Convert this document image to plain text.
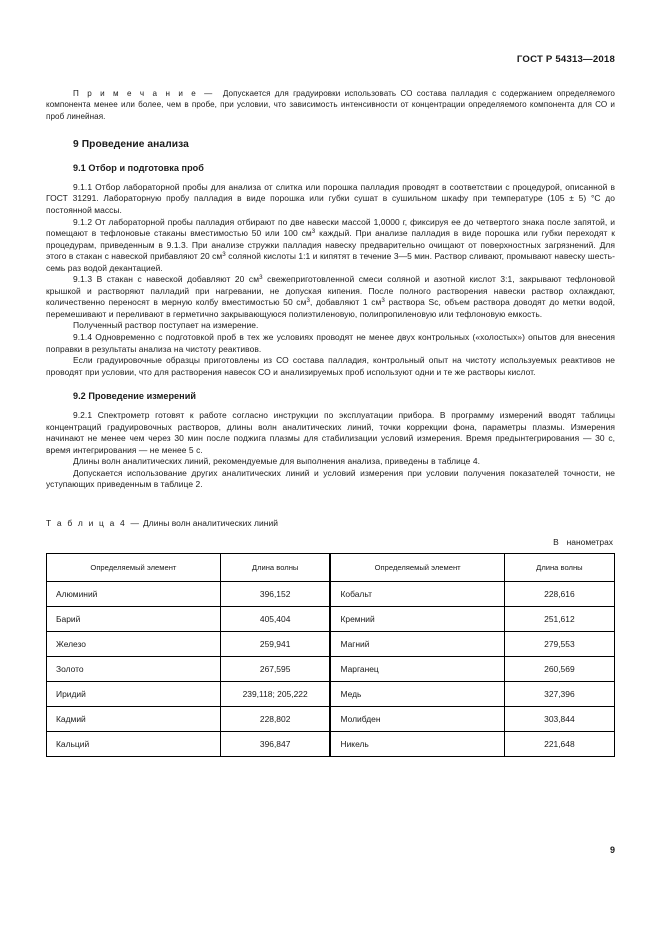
ГОСТ Р 54313—2018

П р и м е ч а н и е — Допускается для градуировки использовать СО состава палладия с содержанием определяемого компонента менее или более, чем в пробе, при условии, что зависимость интенсивности от концентрации определяемого компонента для СО и проб линейная.

9 Проведение анализа
9.1 Отбор и подготовка проб

9.1.1 Отбор лабораторной пробы для анализа от слитка или порошка палладия проводят в соответствии с процедурой, описанной в ГОСТ 31291. Лабораторную пробу палладия в виде порошка или губки сушат в сушильном шкафу при температуре (105 ± 5) °С до постоянной массы.

9.1.2 От лабораторной пробы палладия отбирают по две навески массой 1,0000 г, фиксируя ее до четвертого знака после запятой, и помещают в тефлоновые стаканы вместимостью 50 или 100 $см^3$ каждый. При анализе палладия в виде порошка или губки переходят к процедурам, приведенным в 9.1.3. При анализе стружки палладия навеску предварительно очищают от поверхностных загрязнений. Для этого в стакан с навеской прибавляют 20 $см^3$ соляной кислоты 1:1 и кипятят в течение 3—5 мин. Раствор сливают, промывают навеску шесть-семь раз водой декантацией.

9.1.3 В стакан с навеской добавляют 20 $см^3$ свежеприготовленной смеси соляной и азотной кислот 3:1, закрывают тефлоновой крышкой и растворяют палладий при нагревании, не допуская кипения. После полного растворения навески раствор охлаждают, количественно переносят в мерную колбу вместимостью 50 $см^3$, добавляют 1 $см^3$ раствора Sc, объем раствора доводят до метки водой, перемешивают и переливают в герметично закрывающуюся полиэтиленовую, полипропиленовую или тефлоновую емкость.

Полученный раствор поступает на измерение.

9.1.4 Одновременно с подготовкой проб в тех же условиях проводят не менее двух контрольных («холостых») опытов для внесения поправки в результаты анализа на чистоту реактивов.

Если градуировочные образцы приготовлены из СО состава палладия, контрольный опыт на чистоту используемых реактивов не проводят при условии, что для растворения навесок СО и анализируемых проб используют одни и те же растворы кислот.

9.2 Проведение измерений

9.2.1 Спектрометр готовят к работе согласно инструкции по эксплуатации прибора. В программу измерений вводят таблицы концентраций градуировочных растворов, длины волн аналитических линий, точки коррекции фона, параметры плазмы. Измерения начинают не менее чем через 30 мин после поджига плазмы для стабилизации условий измерения. Время предынтегрирования — 30 с, время интегрирования — не менее 5 с.

Длины волн аналитических линий, рекомендуемые для выполнения анализа, приведены в таблице 4.

Допускается использование других аналитических линий и условий измерения при условии получения показателей точности, не уступающих приведенным в таблице 2.

Т а б л и ц а 4 — Длины волн аналитических линий
В нанометрах
Определяемый элемент	Длина волны	Определяемый элемент	Длина волны
Алюминий	396,152	Кобальт	228,616
Барий	405,404	Кремний	251,612
Железо	259,941	Магний	279,553
Золото	267,595	Марганец	260,569
Иридий	239,118; 205,222	Медь	327,396
Кадмий	228,802	Молибден	303,844
Кальций	396,847	Никель	221,648
9
